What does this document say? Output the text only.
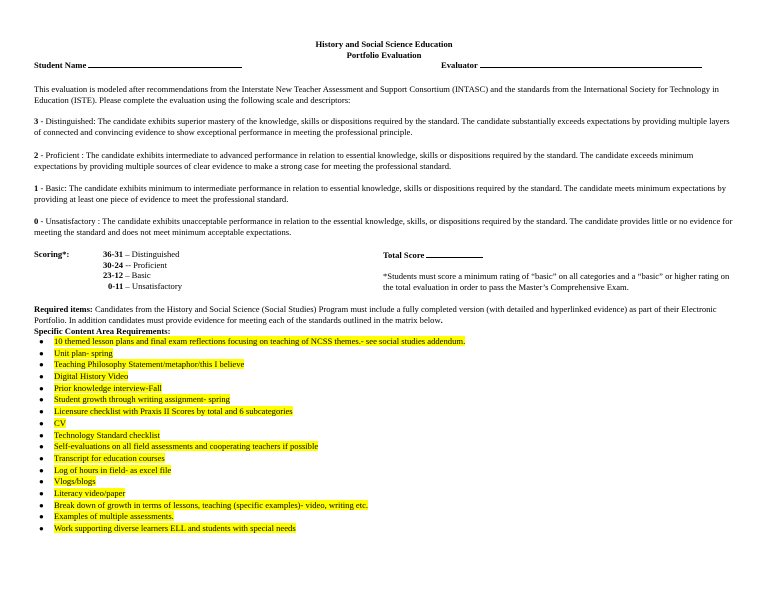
History and Social Science Education
Portfolio Evaluation
Student Name	Evaluator
This evaluation is modeled after recommendations from the Interstate New Teacher Assessment and Support Consortium (INTASC) and the standards from the International Society for Technology in Education (ISTE). Please complete the evaluation using the following scale and descriptors:
3 - Distinguished: The candidate exhibits superior mastery of the knowledge, skills or dispositions required by the standard. The candidate substantially exceeds expectations by providing multiple layers of connected and convincing evidence to show exceptional performance in meeting the professional principle.
2 - Proficient : The candidate exhibits intermediate to advanced performance in relation to essential knowledge, skills or dispositions required by the standard. The candidate exceeds minimum expectations by providing multiple sources of clear evidence to make a strong case for meeting the professional standard.
1 - Basic: The candidate exhibits minimum to intermediate performance in relation to essential knowledge, skills or dispositions required by the standard. The candidate meets minimum expectations by providing at least one piece of evidence to meet the professional standard.
0 - Unsatisfactory : The candidate exhibits unacceptable performance in relation to the essential knowledge, skills, or dispositions required by the standard. The candidate provides little or no evidence for meeting the standard and does not meet minimum acceptable expectations.
Scoring*:	36-31 – Distinguished
30-24 -- Proficient
23-12 – Basic
0-11 – Unsatisfactory
Total Score
*Students must score a minimum rating of “basic” on all categories and a “basic” or higher rating on the total evaluation in order to pass the Master’s Comprehensive Exam.
Required items: Candidates from the History and Social Science (Social Studies) Program must include a fully completed version (with detailed and hyperlinked evidence) as part of their Electronic Portfolio. In addition candidates must provide evidence for meeting each of the standards outlined in the matrix below.
Specific Content Area Requirements:
● 10 themed lesson plans and final exam reflections focusing on teaching of NCSS themes.- see social studies addendum.
● Unit plan- spring
● Teaching Philosophy Statement/metaphor/this I believe
● Digital History Video
● Prior knowledge interview-Fall
● Student growth through writing assignment- spring
● Licensure checklist with Praxis II Scores by total and 6 subcategories
● CV
● Technology Standard checklist
● Self-evaluations on all field assessments and cooperating teachers if possible
● Transcript for education courses
● Log of hours in field- as excel file
● Vlogs/blogs
● Literacy video/paper
● Break down of growth in terms of lessons, teaching (specific examples)- video, writing etc.
● Examples of multiple assessments.
● Work supporting diverse learners ELL and students with special needs
